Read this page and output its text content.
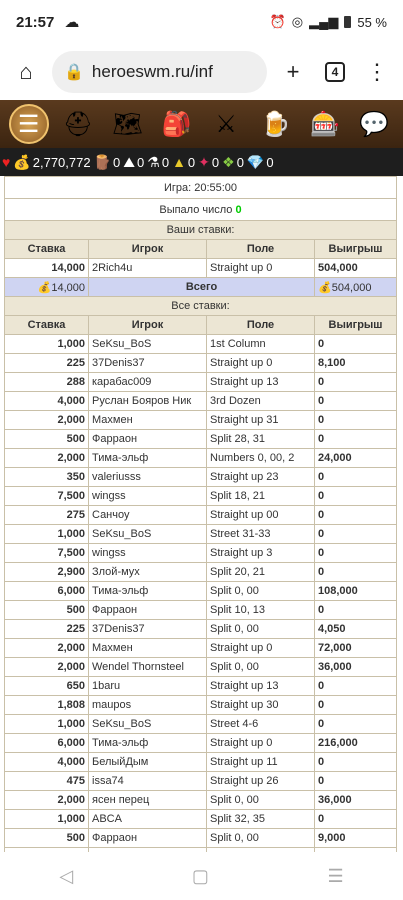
21:57 ☁	⏰ ◎ ▂▄▆ 55 %
⌂	🔒 heroeswm.ru/inf	+	4	⋮
☰ ⛑ 🗺 🎒 ⚔ 🍺 🎰 💬
♥ 💰 2,770,772 🪵 0 ⛰ 0 ⚗ 0 ▲ 0 ✦ 0 ❖ 0 💎 0
Игра: 20:55:00			
Выпало число 0			
Ваши ставки:			
Ставка	Игрок	Поле	Выигрыш
14,000	2Rich4u	Straight up 0	504,000
💰14,000	Всего		💰504,000
Все ставки:			
Ставка	Игрок	Поле	Выигрыш
1,000	SeKsu_BoS	1st Column	0
225	37Denis37	Straight up 0	8,100
288	карабас009	Straight up 13	0
4,000	Руслан Бояров Ник	3rd Dozen	0
2,000	Махмен	Straight up 31	0
500	Фарраон	Split 28, 31	0
2,000	Тима-эльф	Numbers 0, 00, 2	24,000
350	valeriusss	Straight up 23	0
7,500	wingss	Split 18, 21	0
275	Санчоу	Straight up 00	0
1,000	SeKsu_BoS	Street 31-33	0
7,500	wingss	Straight up 3	0
2,900	Злой-мух	Split 20, 21	0
6,000	Тима-эльф	Split 0, 00	108,000
500	Фарраон	Split 10, 13	0
225	37Denis37	Split 0, 00	4,050
2,000	Махмен	Straight up 0	72,000
2,000	Wendel Thornsteel	Split 0, 00	36,000
650	1baru	Straight up 13	0
1,808	maupos	Straight up 30	0
1,000	SeKsu_BoS	Street 4-6	0
6,000	Тима-эльф	Straight up 0	216,000
4,000	БелыйДым	Straight up 11	0
475	issa74	Straight up 26	0
2,000	ясен перец	Split 0, 00	36,000
1,000	ABCA	Split 32, 35	0
500	Фарраон	Split 0, 00	9,000

◁	▢	☰
